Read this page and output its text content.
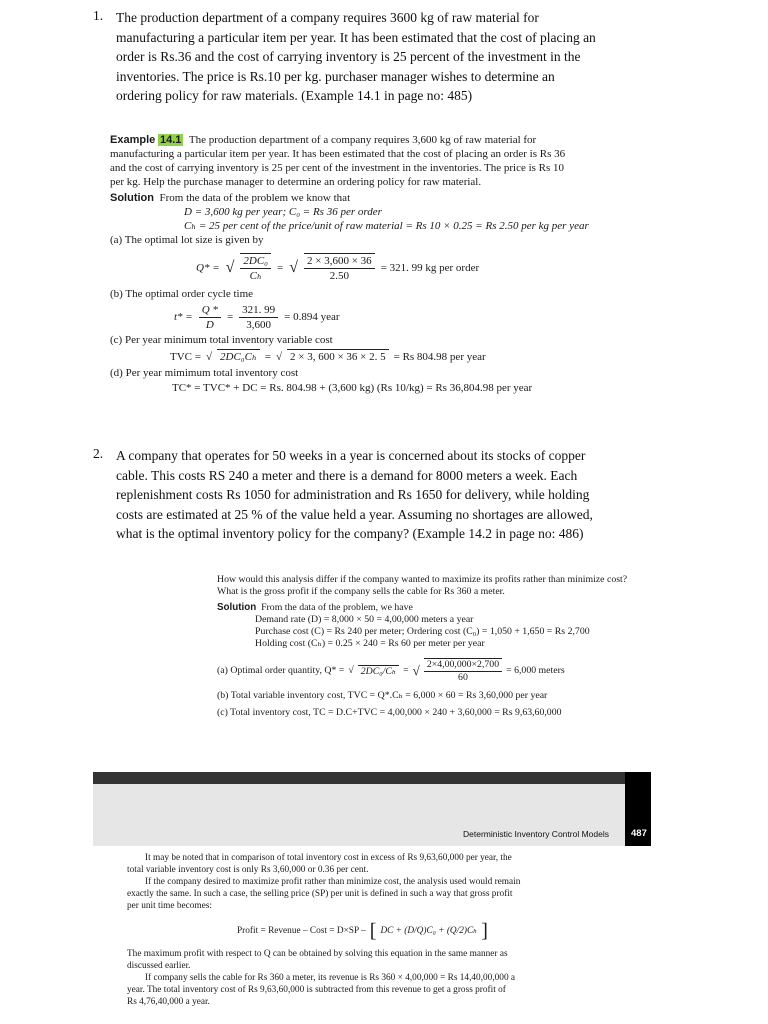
1. The production department of a company requires 3600 kg of raw material for
manufacturing a particular item per year. It has been estimated that the cost of placing an
order is Rs.36 and the cost of carrying inventory is 25 percent of the investment in the
inventories. The price is Rs.10 per kg. purchaser manager wishes to determine an
ordering policy for raw materials. (Example 14.1 in page no: 485)
Example 14.1 The production department of a company requires 3,600 kg of raw material for
manufacturing a particular item per year. It has been estimated that the cost of placing an order is Rs 36
and the cost of carrying inventory is 25 per cent of the investment in the inventories. The price is Rs 10
per kg. Help the purchase manager to determine an ordering policy for raw material.
Solution From the data of the problem we know that
D = 3,600 kg per year; C₀ = Rs 36 per order
Cₕ = 25 per cent of the price/unit of raw material = Rs 10 × 0.25 = Rs 2.50 per kg per year
(a) The optimal lot size is given by
Q* = √ $\frac{\text{2DC₀}}{\text{Cₕ}}$ = √ $\frac{2 \times 3,600 \times 36}{2.50} = 321$. 99 kg per order
(b) The optimal order cycle time
$t* = \frac{Q *}{D} = \frac{321. 99}{3,600} = 0.894$ year
(c) Per year minimum total inventory variable cost
TVC = √ 2DC₀Cₕ = √ 2 × 3, 600 × 36 × 2. 5 = Rs 804.98 per year
(d) Per year mimimum total inventory cost
TC* = TVC* + DC = Rs. 804.98 + (3,600 kg) (Rs 10/kg) = Rs 36,804.98 per year
2. A company that operates for 50 weeks in a year is concerned about its stocks of copper
cable. This costs RS 240 a meter and there is a demand for 8000 meters a week. Each
replenishment costs Rs 1050 for administration and Rs 1650 for delivery, while holding
costs are estimated at 25 % of the value held a year. Assuming no shortages are allowed,
what is the optimal inventory policy for the company? (Example 14.2 in page no: 486)
How would this analysis differ if the company wanted to maximize its profits rather than minimize cost?
What is the gross profit if the company sells the cable for Rs 360 a meter.
Solution From the data of the problem, we have
Demand rate (D) = 8,000 × 50 = 4,00,000 meters a year
Purchase cost (C) = Rs 240 per meter; Ordering cost (C₀) = 1,050 + 1,650 = Rs 2,700
Holding cost (Cₕ) = 0.25 × 240 = Rs 60 per meter per year
(a) Optimal order quantity, Q* = √ 2DC₀/Cₕ = √ $\frac{2\times 4,00,000\times 2,700}{60} = 6,000$ meters
(b) Total variable inventory cost, TVC = Q*.Cₕ = 6,000 × 60 = Rs 3,60,000 per year
(c) Total inventory cost, TC = D.C+TVC = 4,00,000 × 240 + 3,60,000 = Rs 9,63,60,000
Deterministic Inventory Control Models 487
It may be noted that in comparison of total inventory cost in excess of Rs 9,63,60,000 per year, the
total variable inventory cost is only Rs 3,60,000 or 0.36 per cent.
If the company desired to maximize profit rather than minimize cost, the analysis used would remain
exactly the same. In such a case, the selling price (SP) per unit is defined in such a way that gross profit
per unit time becomes:
Profit = Revenue – Cost = D×SP – [ DC + (D/Q)C₀ + (Q/2)Cₕ ]
The maximum profit with respect to Q can be obtained by solving this equation in the same manner as
discussed earlier.
If company sells the cable for Rs 360 a meter, its revenue is Rs 360 × 4,00,000 = Rs 14,40,00,000 a
year. The total inventory cost of Rs 9,63,60,000 is subtracted from this revenue to get a gross profit of
Rs 4,76,40,000 a year.
